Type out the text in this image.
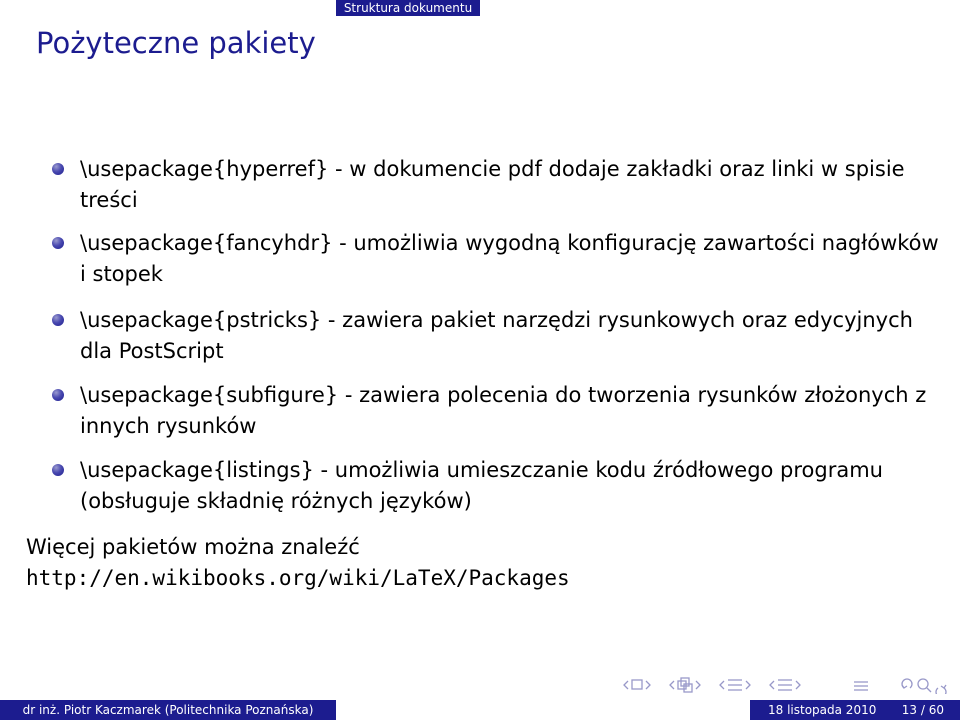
Struktura dokumentu
Pożyteczne pakiety
\usepackage{hyperref} - w dokumencie pdf dodaje zakładki oraz linki w spisie treści
\usepackage{fancyhdr} - umożliwia wygodną konfigurację zawartości nagłówków i stopek
\usepackage{pstricks} - zawiera pakiet narzędzi rysunkowych oraz edycyjnych dla PostScript
\usepackage{subfigure} - zawiera polecenia do tworzenia rysunków złożonych z innych rysunków
\usepackage{listings} - umożliwia umieszczanie kodu źródłowego programu (obsługuje składnię różnych języków)
Więcej pakietów można znaleźć
http://en.wikibooks.org/wiki/LaTeX/Packages
dr inż. Piotr Kaczmarek (Politechnika Poznańska)	18 listopada 2010 13 / 60
